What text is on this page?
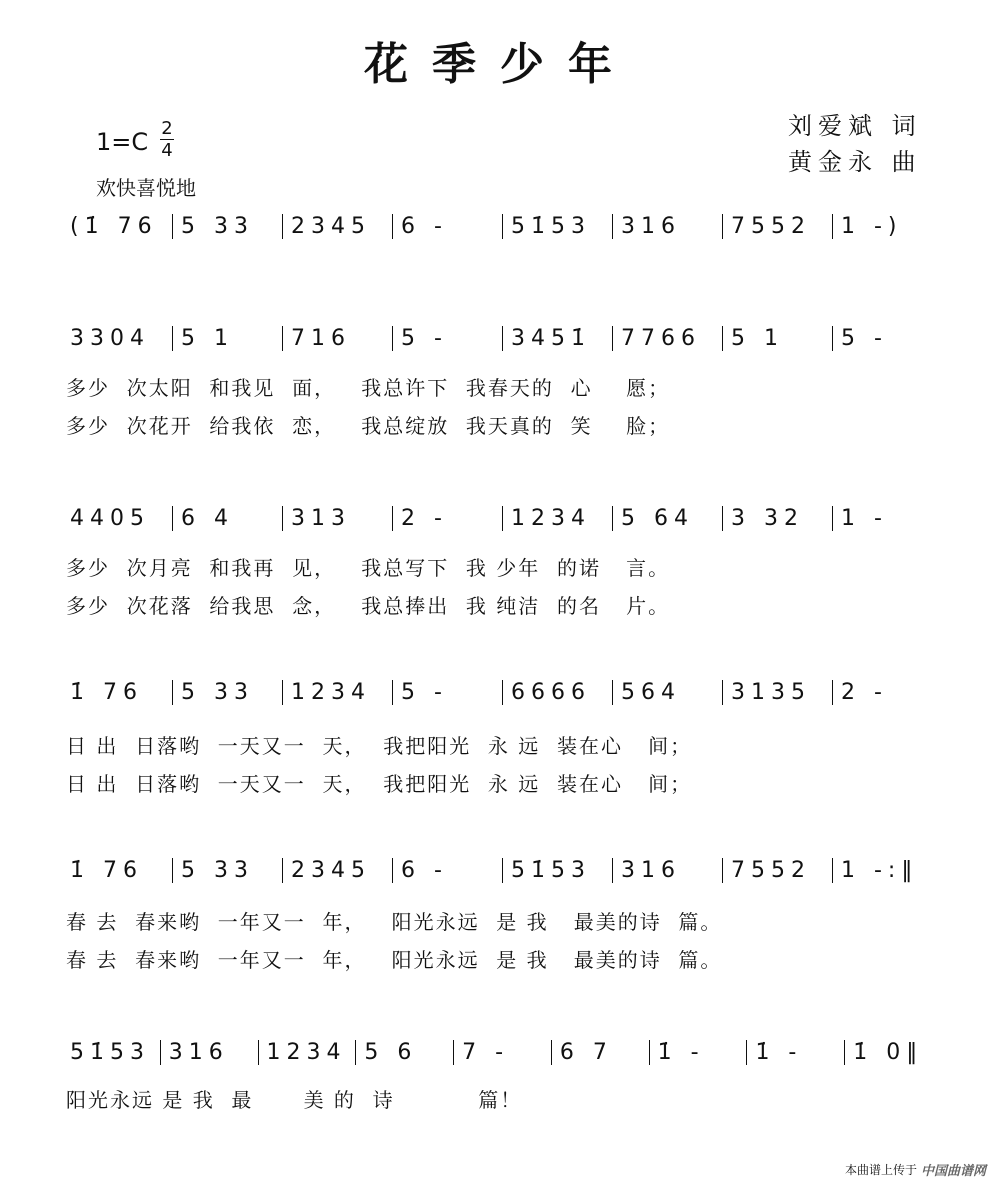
花季少年
刘爱斌 词
黄金永 曲
1=C 2
4
欢快喜悦地
(1̇ 76	5 33	2345	6 -	51̇53	316	7552	1 -)
3304	5 1	716	5 -	3451̇	7766	5 1	5 -
多少  次太阳  和我见  面，   我总许下  我春天的  心    愿；
多少  次花开  给我依  恋，   我总绽放  我天真的  笑    脸；
4405	6 4	313	2 -	1234	5 64	3 32	1 -
多少  次月亮  和我再  见，   我总写下  我 少年  的诺   言。
多少  次花落  给我思  念，   我总捧出  我 纯洁  的名   片。
1̇ 76	5 33	1234	5 -	6666	564	3135	2 -
日 出  日落哟  一天又一  天，  我把阳光  永 远  装在心   间；
日 出  日落哟  一天又一  天，  我把阳光  永 远  装在心   间；
1̇ 76	5 33	2345	6 -	51̇53	316	7552	1 -:‖
春 去  春来哟  一年又一  年，   阳光永远  是 我   最美的诗  篇。
春 去  春来哟  一年又一  年，   阳光永远  是 我   最美的诗  篇。
51̇53 316	1234 5 6	7 -	6 7	1̇ -	1̇ -	1̇ 0‖
阳光永远 是 我  最      美 的  诗          篇！
本曲谱上传于 中国曲谱网
